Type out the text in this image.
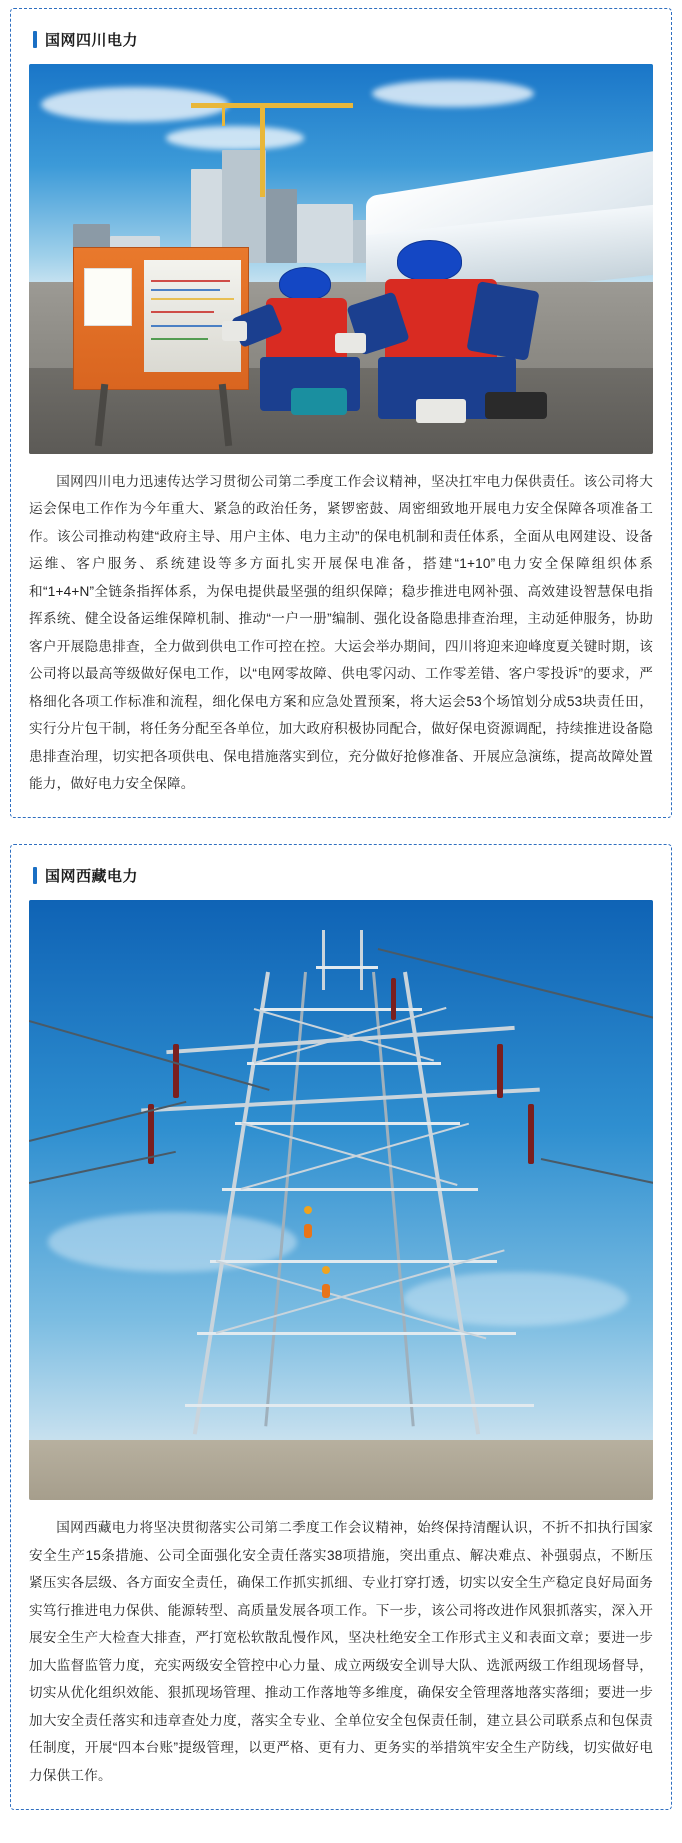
国网四川电力
国网四川电力迅速传达学习贯彻公司第二季度工作会议精神，坚决扛牢电力保供责任。该公司将大运会保电工作作为今年重大、紧急的政治任务，紧锣密鼓、周密细致地开展电力安全保障各项准备工作。该公司推动构建“政府主导、用户主体、电力主动”的保电机制和责任体系，全面从电网建设、设备运维、客户服务、系统建设等多方面扎实开展保电准备，搭建“1+10”电力安全保障组织体系和“1+4+N”全链条指挥体系，为保电提供最坚强的组织保障；稳步推进电网补强、高效建设智慧保电指挥系统、健全设备运维保障机制、推动“一户一册”编制、强化设备隐患排查治理，主动延伸服务，协助客户开展隐患排查，全力做到供电工作可控在控。大运会举办期间，四川将迎来迎峰度夏关键时期，该公司将以最高等级做好保电工作，以“电网零故障、供电零闪动、工作零差错、客户零投诉”的要求，严格细化各项工作标准和流程，细化保电方案和应急处置预案，将大运会53个场馆划分成53块责任田，实行分片包干制，将任务分配至各单位，加大政府积极协同配合，做好保电资源调配，持续推进设备隐患排查治理，切实把各项供电、保电措施落实到位，充分做好抢修准备、开展应急演练，提高故障处置能力，做好电力安全保障。
国网西藏电力
国网西藏电力将坚决贯彻落实公司第二季度工作会议精神，始终保持清醒认识，不折不扣执行国家安全生产15条措施、公司全面强化安全责任落实38项措施，突出重点、解决难点、补强弱点，不断压紧压实各层级、各方面安全责任，确保工作抓实抓细、专业打穿打透，切实以安全生产稳定良好局面务实笃行推进电力保供、能源转型、高质量发展各项工作。下一步，该公司将改进作风狠抓落实，深入开展安全生产大检查大排查，严打宽松软散乱慢作风，坚决杜绝安全工作形式主义和表面文章；要进一步加大监督监管力度，充实两级安全管控中心力量、成立两级安全训导大队、选派两级工作组现场督导，切实从优化组织效能、狠抓现场管理、推动工作落地等多维度，确保安全管理落地落实落细；要进一步加大安全责任落实和违章查处力度，落实全专业、全单位安全包保责任制，建立县公司联系点和包保责任制度，开展“四本台账”提级管理，以更严格、更有力、更务实的举措筑牢安全生产防线，切实做好电力保供工作。
